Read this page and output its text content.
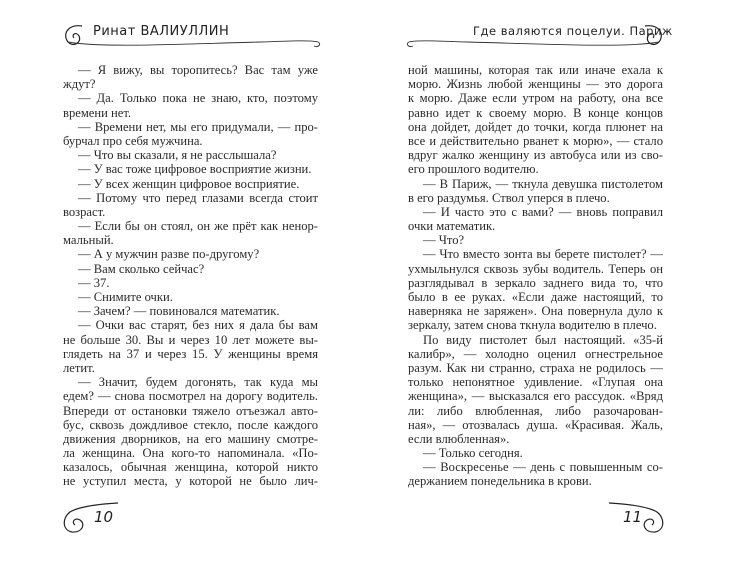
Ринат ВАЛИУЛЛИН
— Я вижу, вы торопитесь? Вас там уже
ждут?
— Да. Только пока не знаю, кто, поэтому
времени нет.
— Времени нет, мы его придумали, — про-
бурчал про себя мужчина.
— Что вы сказали, я не расслышала?
— У вас тоже цифровое восприятие жизни.
— У всех женщин цифровое восприятие.
— Потому что перед глазами всегда стоит
возраст.
— Если бы он стоял, он же прёт как ненор-
мальный.
— А у мужчин разве по-другому?
— Вам сколько сейчас?
— 37.
— Снимите очки.
— Зачем? — повиновался математик.
— Очки вас старят, без них я дала бы вам
не больше 30. Вы и через 10 лет можете вы-
глядеть на 37 и через 15. У женщины время
летит.
— Значит, будем догонять, так куда мы
едем? — снова посмотрел на дорогу водитель.
Впереди от остановки тяжело отъезжал авто-
бус, сквозь дождливое стекло, после каждого
движения дворников, на его машину смотре-
ла женщина. Она кого-то напоминала. «По-
казалось, обычная женщина, которой никто
не уступил места, у которой не было лич-
10
Где валяются поцелуи. Париж
ной машины, которая так или иначе ехала к
морю. Жизнь любой женщины — это дорога
к морю. Даже если утром на работу, она все
равно идет к своему морю. В конце концов
она дойдет, дойдет до точки, когда плюнет на
все и действительно рванет к морю», — стало
вдруг жалко женщину из автобуса или из сво-
его прошлого водителю.
— В Париж, — ткнула девушка пистолетом
в его раздумья. Ствол уперся в плечо.
— И часто это с вами? — вновь поправил
очки математик.
— Что?
— Что вместо зонта вы берете пистолет? —
ухмыльнулся сквозь зубы водитель. Теперь он
разглядывал в зеркало заднего вида то, что
было в ее руках. «Если даже настоящий, то
наверняка не заряжен». Она повернула дуло к
зеркалу, затем снова ткнула водителю в плечо.
По виду пистолет был настоящий. «35-й
калибр», — холодно оценил огнестрельное
разум. Как ни странно, страха не родилось —
только непонятное удивление. «Глупая она
женщина», — высказался его рассудок. «Вряд
ли: либо влюбленная, либо разочарован-
ная», — отозвалась душа. «Красивая. Жаль,
если влюбленная».
— Только сегодня.
— Воскресенье — день с повышенным со-
держанием понедельника в крови.
11
